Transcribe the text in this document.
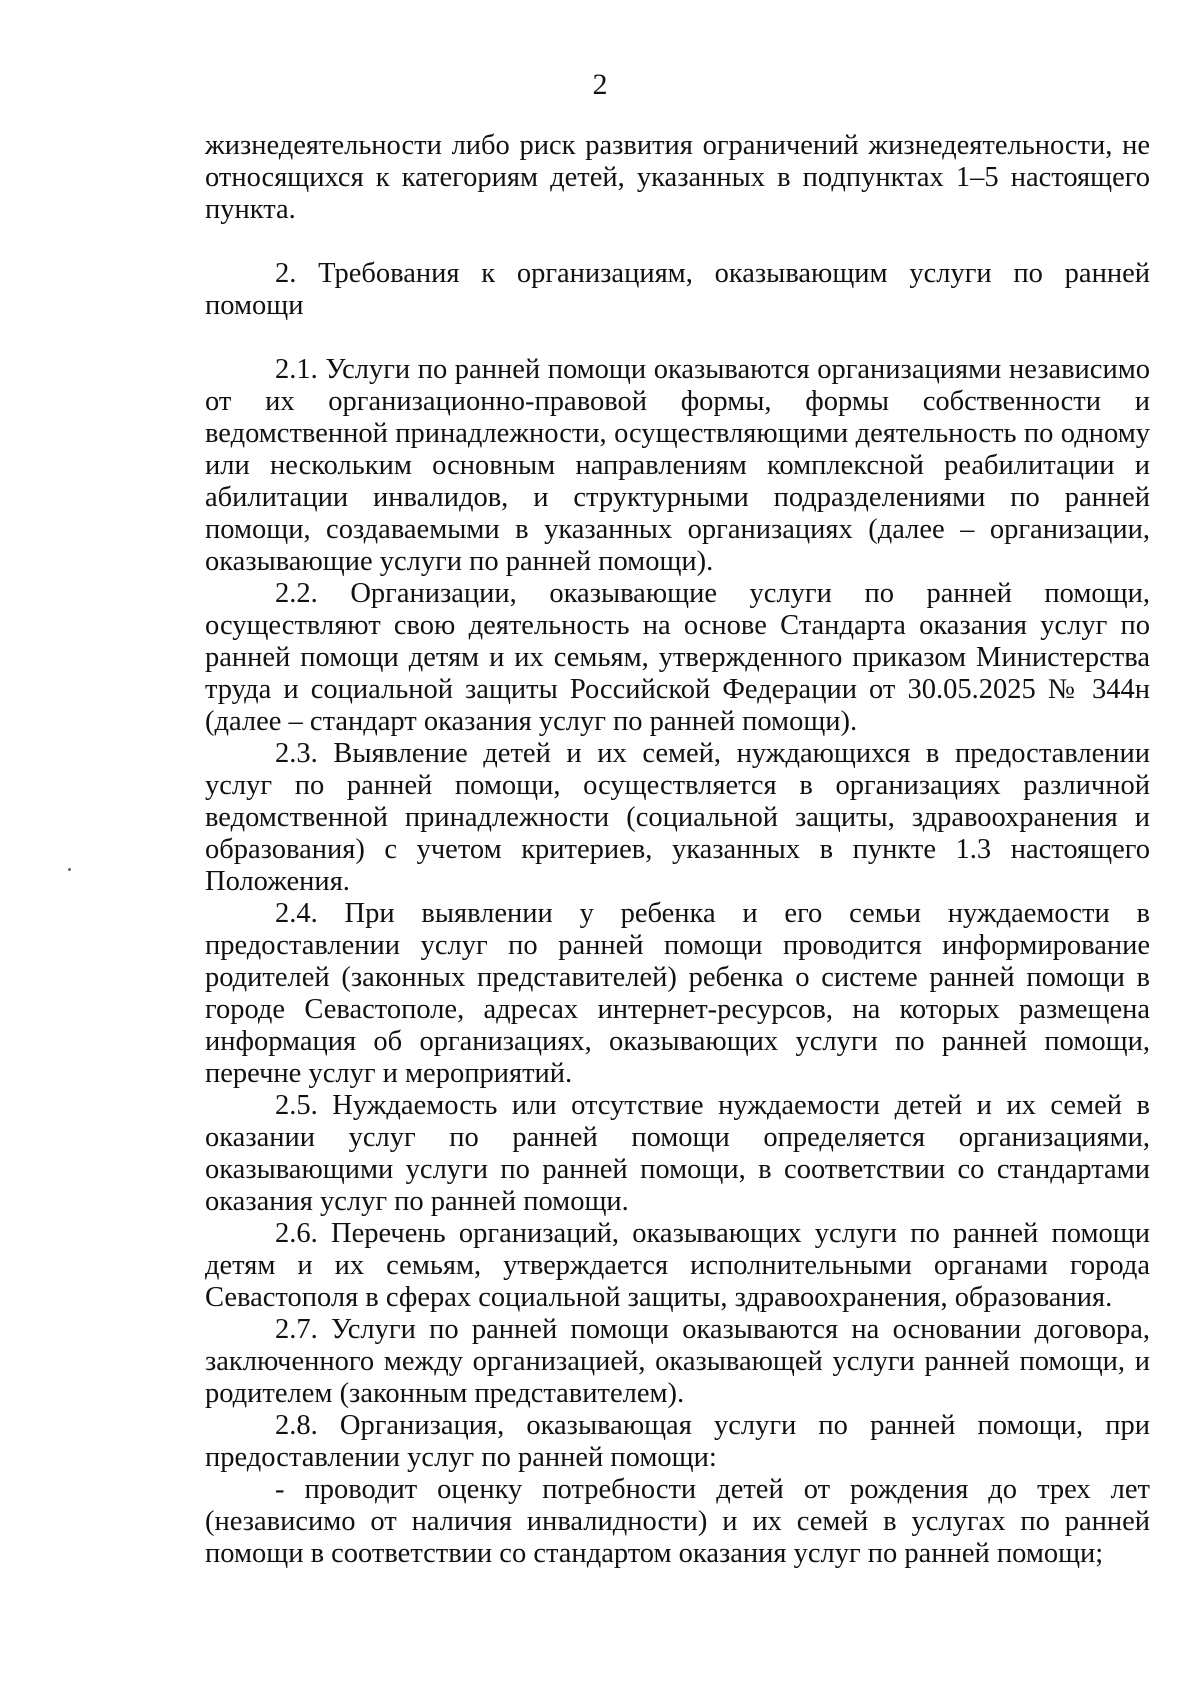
2

жизнедеятельности либо риск развития ограничений жизнедеятельности, не относящихся к категориям детей, указанных в подпунктах 1–5 настоящего пункта.

2. Требования к организациям, оказывающим услуги по ранней помощи

2.1. Услуги по ранней помощи оказываются организациями независимо от их организационно-правовой формы, формы собственности и ведомственной принадлежности, осуществляющими деятельность по одному или нескольким основным направлениям комплексной реабилитации и абилитации инвалидов, и структурными подразделениями по ранней помощи, создаваемыми в указанных организациях (далее – организации, оказывающие услуги по ранней помощи).

2.2. Организации, оказывающие услуги по ранней помощи, осуществляют свою деятельность на основе Стандарта оказания услуг по ранней помощи детям и их семьям, утвержденного приказом Министерства труда и социальной защиты Российской Федерации от 30.05.2025 № 344н (далее – стандарт оказания услуг по ранней помощи).

2.3. Выявление детей и их семей, нуждающихся в предоставлении услуг по ранней помощи, осуществляется в организациях различной ведомственной принадлежности (социальной защиты, здравоохранения и образования) с учетом критериев, указанных в пункте 1.3 настоящего Положения.

2.4. При выявлении у ребенка и его семьи нуждаемости в предоставлении услуг по ранней помощи проводится информирование родителей (законных представителей) ребенка о системе ранней помощи в городе Севастополе, адресах интернет-ресурсов, на которых размещена информация об организациях, оказывающих услуги по ранней помощи, перечне услуг и мероприятий.

2.5. Нуждаемость или отсутствие нуждаемости детей и их семей в оказании услуг по ранней помощи определяется организациями, оказывающими услуги по ранней помощи, в соответствии со стандартами оказания услуг по ранней помощи.

2.6. Перечень организаций, оказывающих услуги по ранней помощи детям и их семьям, утверждается исполнительными органами города Севастополя в сферах социальной защиты, здравоохранения, образования.

2.7. Услуги по ранней помощи оказываются на основании договора, заключенного между организацией, оказывающей услуги ранней помощи, и родителем (законным представителем).

2.8. Организация, оказывающая услуги по ранней помощи, при предоставлении услуг по ранней помощи:

- проводит оценку потребности детей от рождения до трех лет (независимо от наличия инвалидности) и их семей в услугах по ранней помощи в соответствии со стандартом оказания услуг по ранней помощи;
